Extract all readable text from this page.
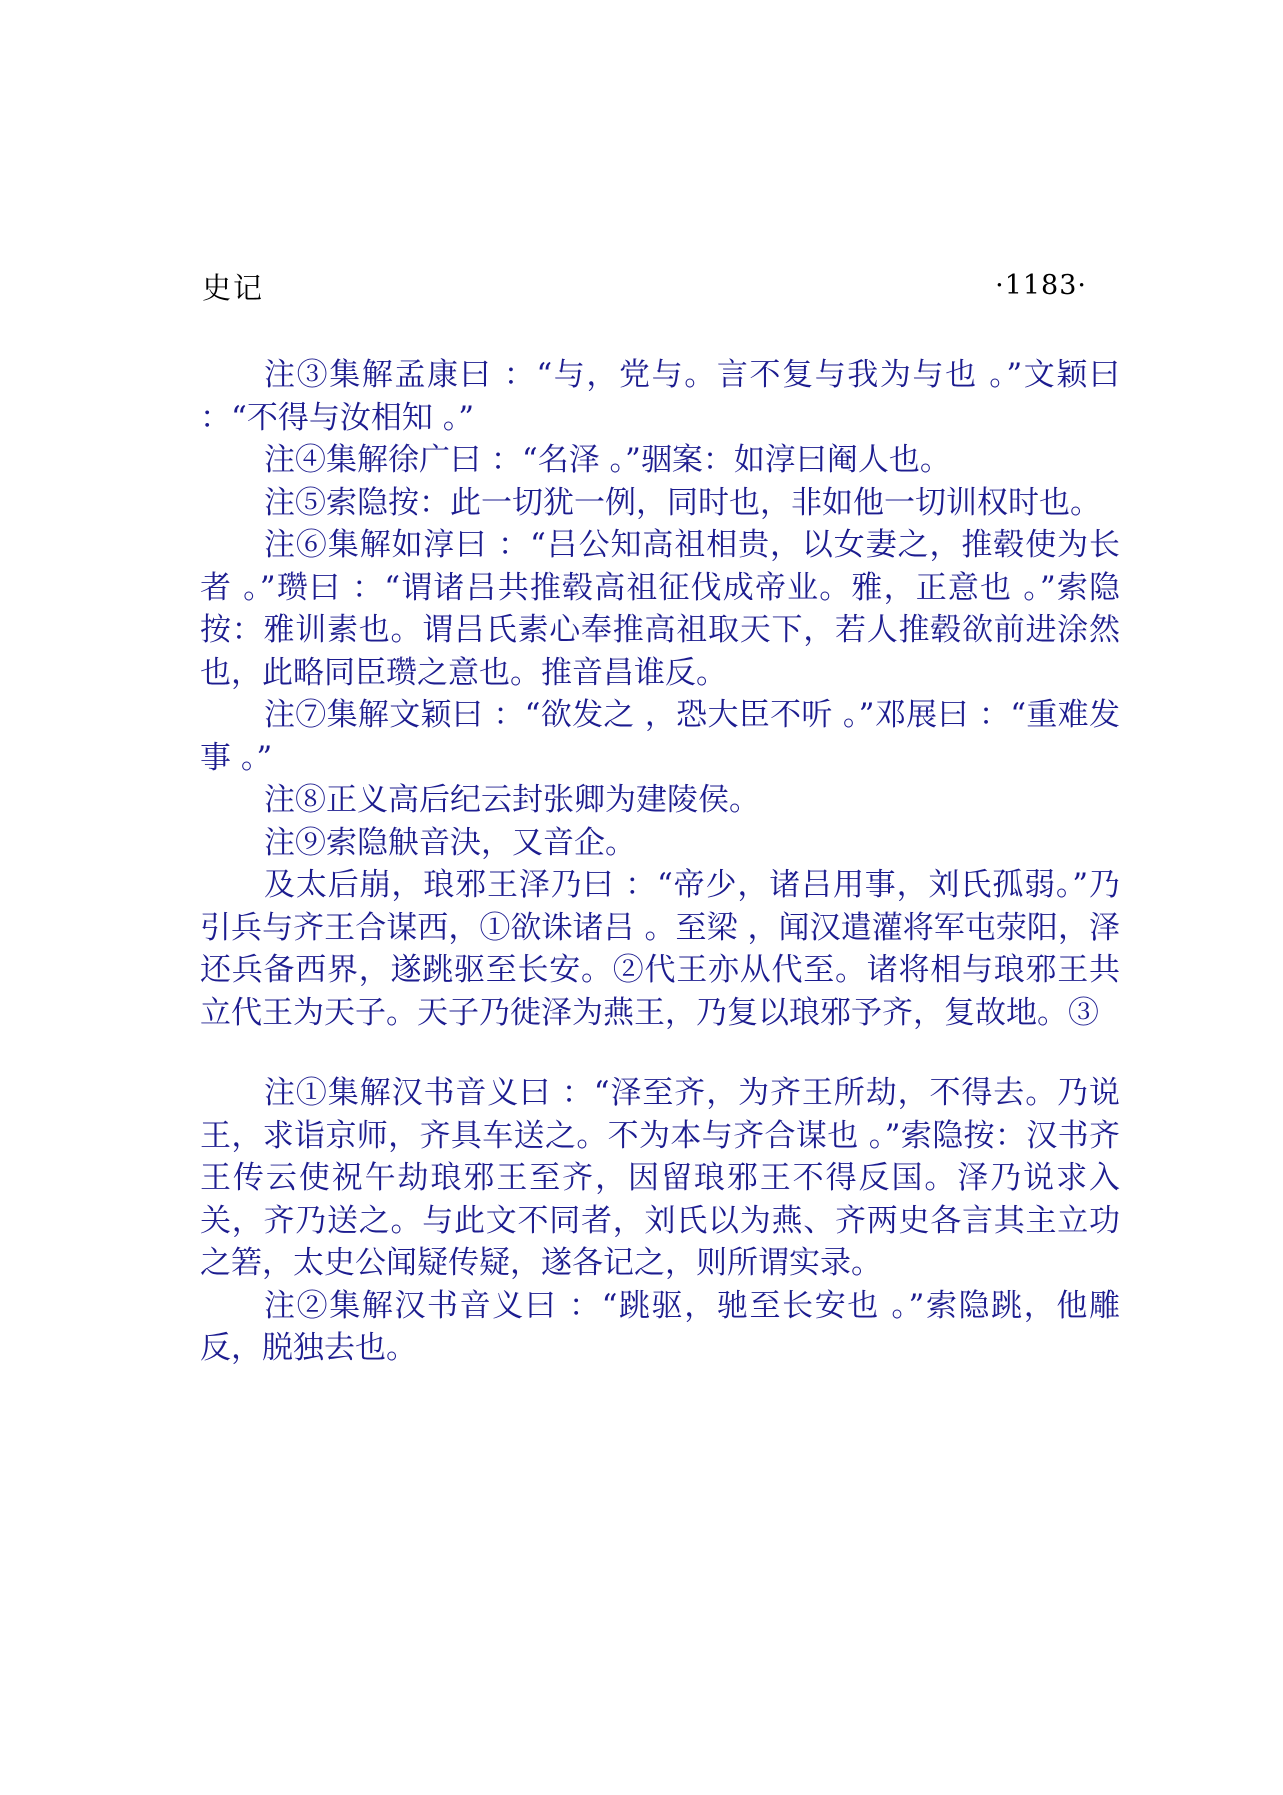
史记	·1183·

注③集解孟康曰 ：“与，党与。言不复与我为与也 。”文颖曰 ：“不得与汝相知 。”

注④集解徐广曰 ：“名泽 。”骃案：如淳曰阉人也。

注⑤索隐按：此一切犹一例，同时也，非如他一切训权时也。

注⑥集解如淳曰 ：“吕公知高祖相贵，以女妻之，推毂使为长者 。”瓒曰 ：“谓诸吕共推毂高祖征伐成帝业。雅，正意也 。”索隐按：雅训素也。谓吕氏素心奉推高祖取天下，若人推毂欲前进涂然也，此略同臣瓒之意也。推音昌谁反。

注⑦集解文颖曰 ：“欲发之 ，恐大臣不听 。”邓展曰 ：“重难发事 。”

注⑧正义高后纪云封张卿为建陵侯。

注⑨索隐觖音決，又音企。

及太后崩，琅邪王泽乃曰 ：“帝少，诸吕用事，刘氏孤弱。”乃引兵与齐王合谋西，①欲诛诸吕 。至梁 ，闻汉遣灌将军屯荥阳，泽还兵备西界，遂跳驱至长安。②代王亦从代至。诸将相与琅邪王共立代王为天子。天子乃徙泽为燕王，乃复以琅邪予齐，复故地。③

注①集解汉书音义曰 ：“泽至齐，为齐王所劫，不得去。乃说王，求诣京师，齐具车送之。不为本与齐合谋也 。”索隐按：汉书齐王传云使祝午劫琅邪王至齐，因留琅邪王不得反国。泽乃说求入关，齐乃送之。与此文不同者，刘氏以为燕、齐两史各言其主立功之箬，太史公闻疑传疑，遂各记之，则所谓实录。

注②集解汉书音义曰 ：“跳驱，驰至长安也 。”索隐跳，他雕反，脱独去也。
